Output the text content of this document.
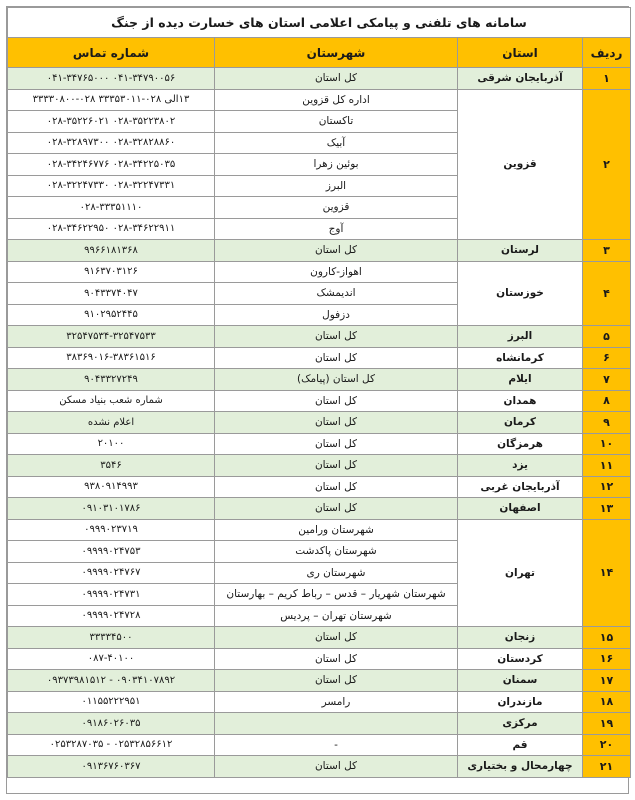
سامانه های تلفنی و پیامکی اعلامی استان های خسارت دیده از جنگ			
ردیف	استان	شهرستان	شماره تماس
۱	آذربایجان شرقی	کل استان	۰۴۱-۳۴۷۹۰۰۵۶ ۰۴۱-۳۴۷۶۵۰۰۰
۲	قزوین	اداره کل قزوین	۱۳الی ۰۲۸-۳۳۳۵۳۰۱۱ ۰۲۸-۳۳۳۳۰۸۰۰
		تاکستان	۰۲۸-۳۵۲۲۳۸۰۲ ۰۲۸-۳۵۲۲۶۰۲۱
		آبیک	۰۲۸-۳۲۸۲۸۸۶۰ ۰۲۸-۳۲۸۹۷۳۰۰
		بوئین زهرا	۰۲۸-۳۴۲۲۵۰۳۵ ۰۲۸-۳۴۲۴۶۷۷۶
		البرز	۰۲۸-۳۲۲۴۷۳۳۱ ۰۲۸-۳۲۲۴۷۳۳۰
		قزوین	۰۲۸-۳۳۳۵۱۱۱۰
		آوج	۰۲۸-۳۴۶۲۲۹۱۱ ۰۲۸-۳۴۶۲۲۹۵۰
۳	لرستان	کل استان	۹۹۶۶۱۸۱۳۶۸
۴	خوزستان	اهواز-کارون	۹۱۶۳۷۰۳۱۲۶
		اندیمشک	۹۰۴۳۳۷۴۰۴۷
		دزفول	۹۱۰۲۹۵۲۴۴۵
۵	البرز	کل استان	۳۲۵۴۷۵۳۴-۳۲۵۴۷۵۳۳
۶	کرمانشاه	کل استان	۳۸۳۶۹۰۱۶-۳۸۳۶۱۵۱۶
۷	ایلام	کل استان (پیامک)	۹۰۴۳۳۲۷۲۴۹
۸	همدان	کل استان	شماره شعب بنیاد مسکن
۹	کرمان	کل استان	اعلام نشده
۱۰	هرمزگان	کل استان	۲۰۱۰۰
۱۱	یزد	کل استان	۳۵۴۶
۱۲	آذربایجان غربی	کل استان	۹۳۸۰۹۱۴۹۹۳
۱۳	اصفهان	کل استان	۰۹۱۰۳۱۰۱۷۸۶
۱۴	تهران	شهرستان ورامین	۰۹۹۹۰۲۳۷۱۹
		شهرستان پاکدشت	۰۹۹۹۹۰۲۴۷۵۳
		شهرستان ری	۰۹۹۹۹۰۲۴۷۶۷
		شهرستان شهریار – قدس – رباط کریم – بهارستان	۰۹۹۹۹۰۲۴۷۳۱
		شهرستان تهران – پردیس	۰۹۹۹۹۰۲۴۷۲۸
۱۵	زنجان	کل استان	۳۳۳۳۴۵۰۰
۱۶	کردستان	کل استان	۰۸۷-۴۰۱۰۰
۱۷	سمنان	کل استان	۰۹۰۳۴۱۰۷۸۹۲ - ۰۹۳۷۳۹۸۱۵۱۲
۱۸	مازندران	رامسر	۰۱۱۵۵۲۲۲۹۵۱
۱۹	مرکزی		۰۹۱۸۶۰۲۶۰۳۵
۲۰	قم	-	۰۲۵۳۲۸۵۶۶۱۲ - ۰۲۵۳۲۸۷۰۳۵
۲۱	چهارمحال و بختیاری	کل استان	۰۹۱۳۶۷۶۰۳۶۷
